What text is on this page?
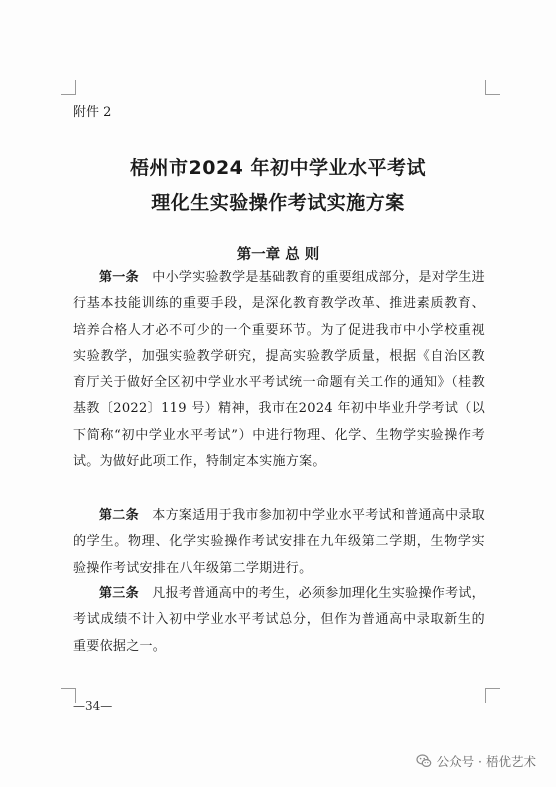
附件 2
梧州市2024 年初中学业水平考试
理化生实验操作考试实施方案
第一章 总 则

第一条  中小学实验教学是基础教育的重要组成部分，是对学生进行基本技能训练的重要手段，是深化教育教学改革、推进素质教育、培养合格人才必不可少的一个重要环节。为了促进我市中小学校重视实验教学，加强实验教学研究，提高实验教学质量，根据《自治区教育厅关于做好全区初中学业水平考试统一命题有关工作的通知》（桂教基教〔2022〕119 号）精神，我市在2024 年初中毕业升学考试（以下简称“初中学业水平考试”）中进行物理、化学、生物学实验操作考试。为做好此项工作，特制定本实施方案。

第二条  本方案适用于我市参加初中学业水平考试和普通高中录取的学生。物理、化学实验操作考试安排在九年级第二学期，生物学实验操作考试安排在八年级第二学期进行。

第三条  凡报考普通高中的考生，必须参加理化生实验操作考试，考试成绩不计入初中学业水平考试总分，但作为普通高中录取新生的重要依据之一。

—34—
公众号 · 梧优艺术
